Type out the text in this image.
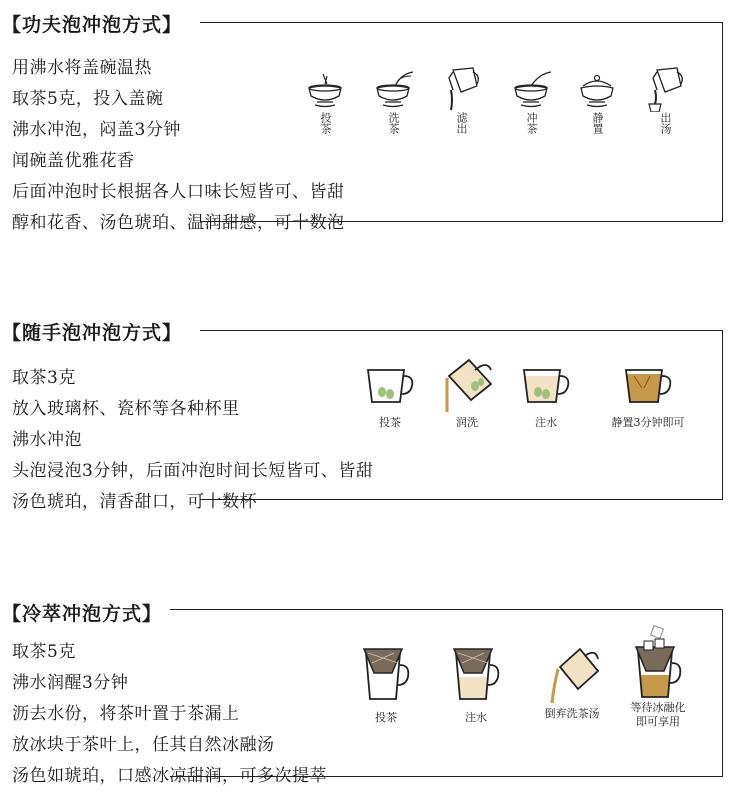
【功夫泡冲泡方式】
用沸水将盖碗温热
取茶5克，投入盖碗
沸水冲泡，闷盖3分钟
闻碗盖优雅花香
后面冲泡时长根据各人口味长短皆可、皆甜
醇和花香、汤色琥珀、温润甜感，可十数泡
投茶	洗茶	滤出	冲茶	静置	出汤
【随手泡冲泡方式】
取茶3克
放入玻璃杯、瓷杯等各种杯里
沸水冲泡
头泡浸泡3分钟，后面冲泡时间长短皆可、皆甜
汤色琥珀，清香甜口，可十数杯
投茶	润洗	注水	静置3分钟即可
【冷萃冲泡方式】
取茶5克
沸水润醒3分钟
沥去水份，将茶叶置于茶漏上
放冰块于茶叶上，任其自然冰融汤
汤色如琥珀，口感冰凉甜润，可多次提萃
投茶	注水	倒弃洗茶汤	等待冰融化
即可享用
